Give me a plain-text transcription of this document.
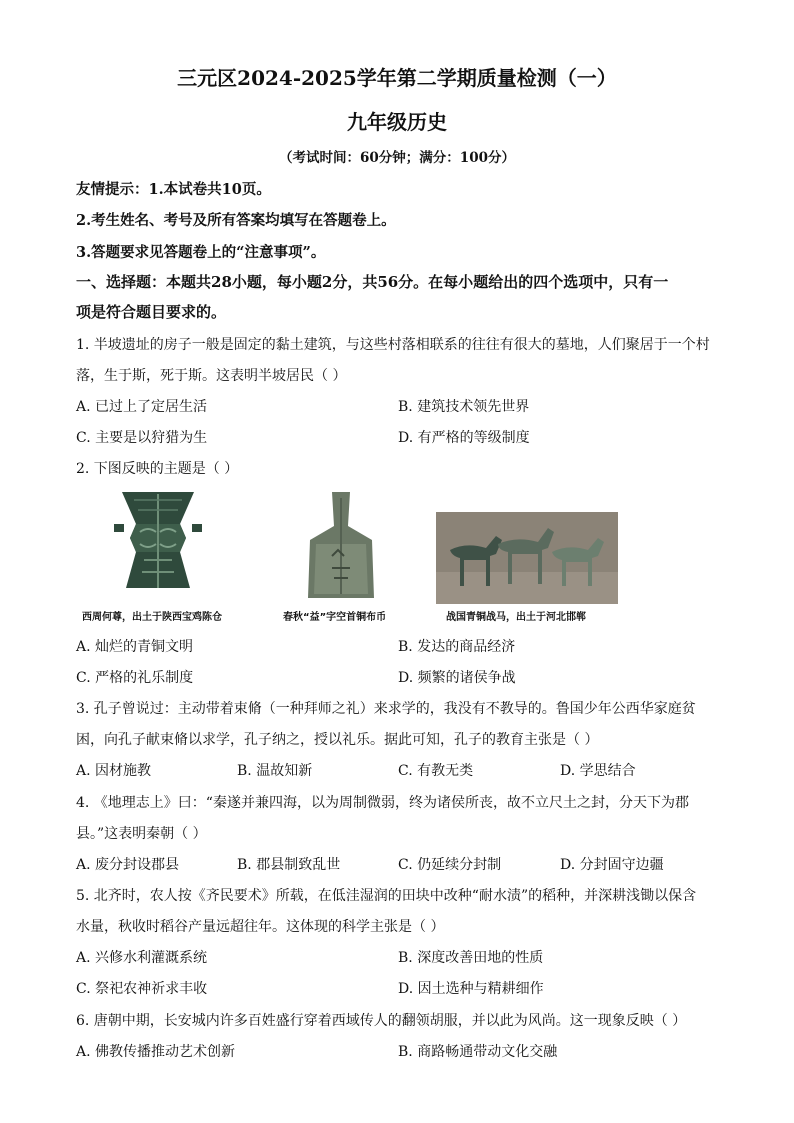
三元区2024-2025学年第二学期质量检测（一）
九年级历史
（考试时间：60分钟；满分：100分）
友情提示：1.本试卷共10页。
2.考生姓名、考号及所有答案均填写在答题卷上。
3.答题要求见答题卷上的“注意事项”。
一、选择题：本题共28小题，每小题2分，共56分。在每小题给出的四个选项中，只有一
项是符合题目要求的。
1. 半坡遗址的房子一般是固定的黏土建筑，与这些村落相联系的往往有很大的墓地，人们聚居于一个村
落，生于斯，死于斯。这表明半坡居民（ ）
A. 已过上了定居生活	B. 建筑技术领先世界
C. 主要是以狩猎为生	D. 有严格的等级制度
2. 下图反映的主题是（ ）
西周何尊，出土于陕西宝鸡陈仓	春秋“益”字空首铜布币	战国青铜战马，出土于河北邯郸
A. 灿烂的青铜文明	B. 发达的商品经济
C. 严格的礼乐制度	D. 频繁的诸侯争战
3. 孔子曾说过：主动带着束脩（一种拜师之礼）来求学的，我没有不教导的。鲁国少年公西华家庭贫
困，向孔子献束脩以求学，孔子纳之，授以礼乐。据此可知，孔子的教育主张是（ ）
A. 因材施教	B. 温故知新	C. 有教无类	D. 学思结合
4. 《地理志上》曰：“秦遂并兼四海，以为周制微弱，终为诸侯所丧，故不立尺土之封，分天下为郡
县。”这表明秦朝（ ）
A. 废分封设郡县	B. 郡县制致乱世	C. 仍延续分封制	D. 分封固守边疆
5. 北齐时，农人按《齐民要术》所载，在低洼湿润的田块中改种“耐水渍”的稻种，并深耕浅锄以保含
水量，秋收时稻谷产量远超往年。这体现的科学主张是（ ）
A. 兴修水利灌溉系统	B. 深度改善田地的性质
C. 祭祀农神祈求丰收	D. 因土选种与精耕细作
6. 唐朝中期，长安城内许多百姓盛行穿着西域传人的翻领胡服，并以此为风尚。这一现象反映（ ）
A. 佛教传播推动艺术创新	B. 商路畅通带动文化交融
